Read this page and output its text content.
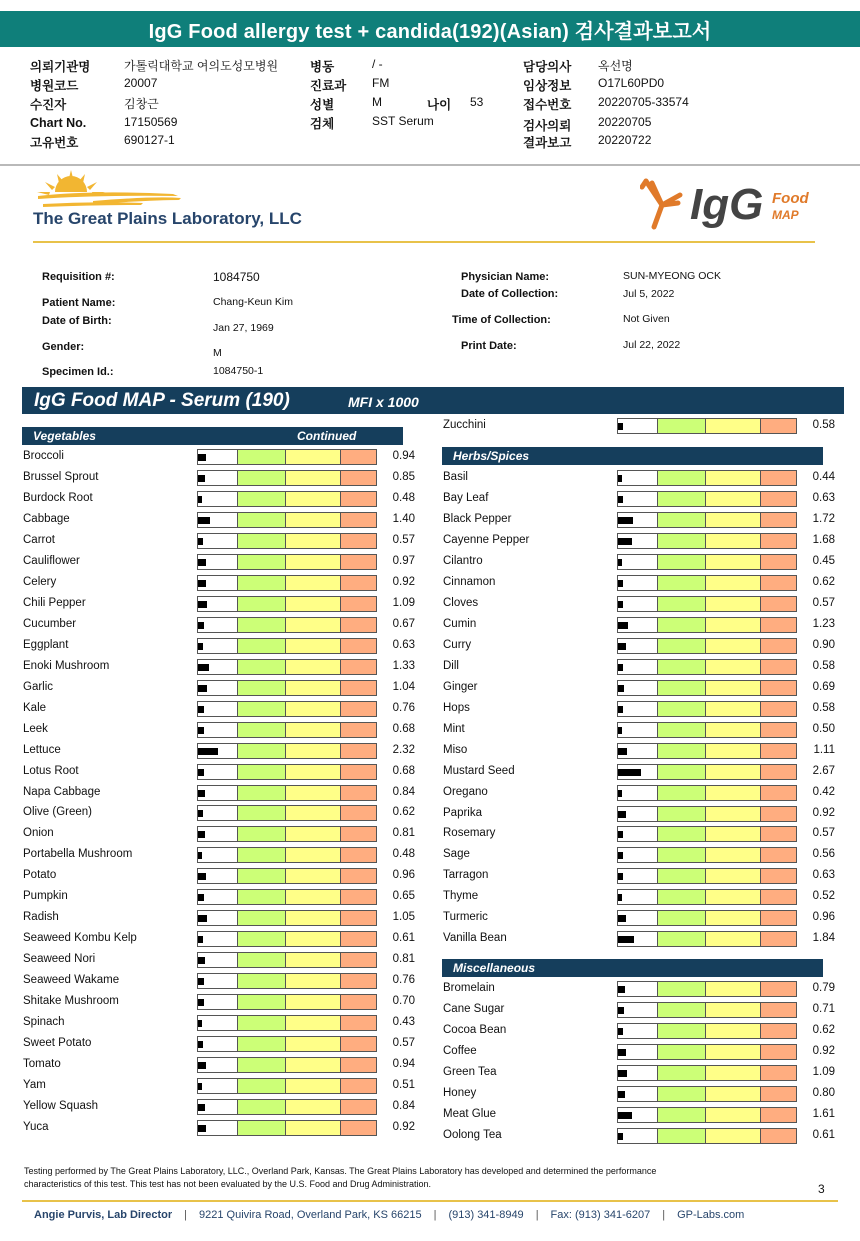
IgG Food allergy test + candida(192)(Asian) 검사결과보고서
의뢰기관명	가톨릭대학교 여의도성모병원
병원코드	20007
수진자	김창근
Chart No.	17150569
고유번호	690127-1
병동	/ -
진료과 FM
성별	M	나이 53
검체	SST Serum
담당의사 옥선명
임상정보 O17L60PD0
접수번호 20220705-33574
검사의뢰 20220705
결과보고 20220722
The Great Plains Laboratory, LLC	IgG Food
MAP
Requisition #:	1084750
Patient Name:	Chang-Keun Kim
Date of Birth:
Jan 27, 1969
Gender:	M
Specimen Id.:	1084750-1
Physician Name:	SUN-MYEONG OCK
Date of Collection:	Jul 5, 2022
Time of Collection:	Not Given
Print Date:	Jul 22, 2022
IgG Food MAP - Serum (190)	MFI x 1000
Vegetables	Continued
Broccoli	0.94
Brussel Sprout	0.85
Burdock Root	0.48
Cabbage	1.40
Carrot	0.57
Cauliflower	0.97
Celery	0.92
Chili Pepper	1.09
Cucumber	0.67
Eggplant	0.63
Enoki Mushroom	1.33
Garlic	1.04
Kale	0.76
Leek	0.68
Lettuce	2.32
Lotus Root	0.68
Napa Cabbage	0.84
Olive (Green)	0.62
Onion	0.81
Portabella Mushroom	0.48
Potato	0.96
Pumpkin	0.65
Radish	1.05
Seaweed Kombu Kelp	0.61
Seaweed Nori	0.81
Seaweed Wakame	0.76
Shitake Mushroom	0.70
Spinach	0.43
Sweet Potato	0.57
Tomato	0.94
Yam	0.51
Yellow Squash	0.84
Yuca	0.92
Zucchini	0.58
Herbs/Spices
Basil	0.44
Bay Leaf	0.63
Black Pepper	1.72
Cayenne Pepper	1.68
Cilantro	0.45
Cinnamon	0.62
Cloves	0.57
Cumin	1.23
Curry	0.90
Dill	0.58
Ginger	0.69
Hops	0.58
Mint	0.50
Miso	1.11
Mustard Seed	2.67
Oregano	0.42
Paprika	0.92
Rosemary	0.57
Sage	0.56
Tarragon	0.63
Thyme	0.52
Turmeric	0.96
Vanilla Bean	1.84
Miscellaneous
Bromelain	0.79
Cane Sugar	0.71
Cocoa Bean	0.62
Coffee	0.92
Green Tea	1.09
Honey	0.80
Meat Glue	1.61
Oolong Tea	0.61
Testing performed by The Great Plains Laboratory, LLC., Overland Park, Kansas. The Great Plains Laboratory has developed and determined the performance
characteristics of this test. This test has not been evaluated by the U.S. Food and Drug Administration.	3
Angie Purvis, Lab Director | 9221 Quivira Road, Overland Park, KS 66215 | (913) 341-8949 | Fax: (913) 341-6207 | GP-Labs.com
